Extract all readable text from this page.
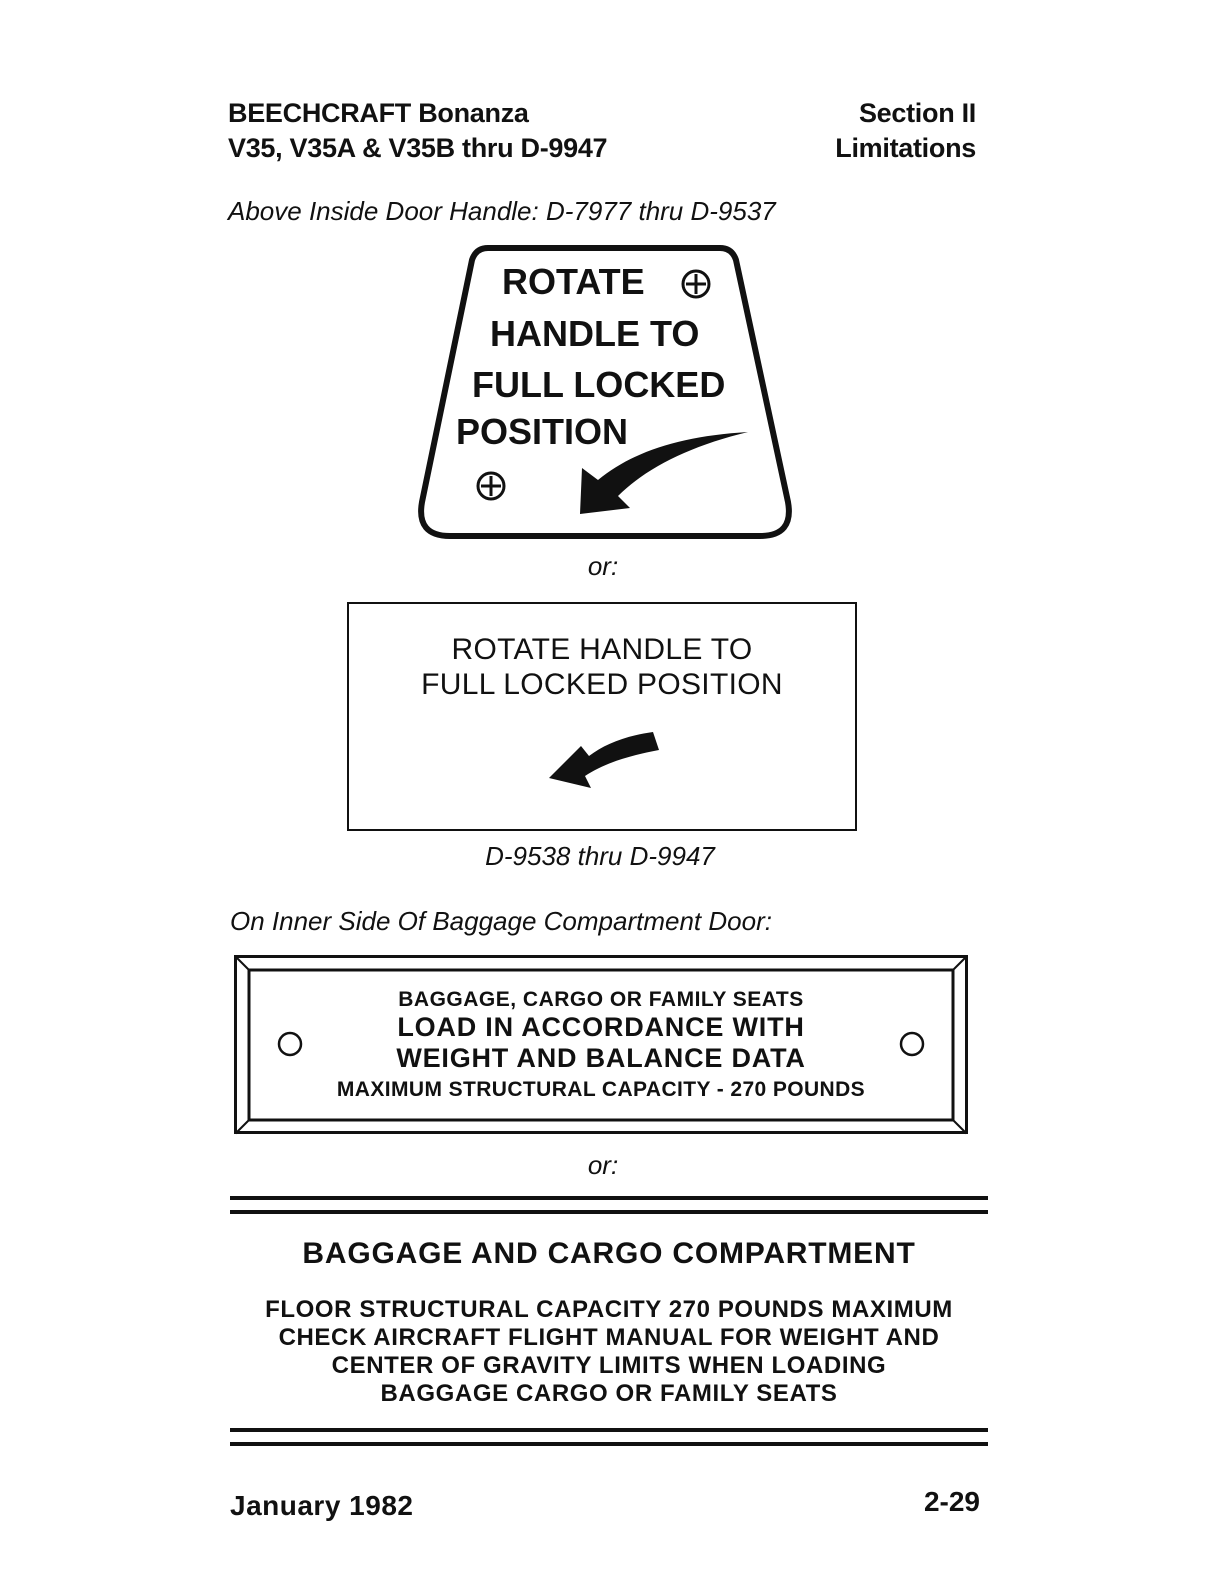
BEECHCRAFT Bonanza
V35, V35A & V35B thru D-9947
Section II
Limitations
Above Inside Door Handle: D-7977 thru D-9537
ROTATE
HANDLE TO
FULL LOCKED
POSITION
or:
ROTATE HANDLE TO
FULL LOCKED POSITION
D-9538 thru D-9947
On Inner Side Of Baggage Compartment Door:
BAGGAGE, CARGO OR FAMILY SEATS
LOAD IN ACCORDANCE WITH
WEIGHT AND BALANCE DATA
MAXIMUM STRUCTURAL CAPACITY - 270 POUNDS
or:
BAGGAGE AND CARGO COMPARTMENT
FLOOR STRUCTURAL CAPACITY 270 POUNDS MAXIMUM
CHECK AIRCRAFT FLIGHT MANUAL FOR WEIGHT AND
CENTER OF GRAVITY LIMITS WHEN LOADING
BAGGAGE CARGO OR FAMILY SEATS
January 1982	2-29
